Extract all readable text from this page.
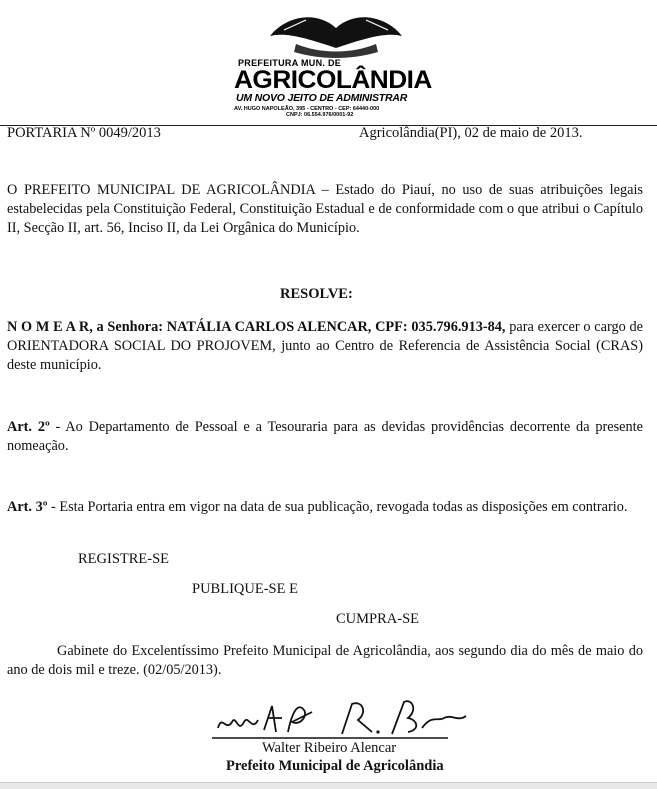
PREFEITURA MUN. DE
AGRICOLÂNDIA
UM NOVO JEITO DE ADMINISTRAR
AV. HUGO NAPOLEÃO, 395 - CENTRO - CEP: 64440-000
CNPJ: 06.554.976/0001-92
PORTARIA Nº 0049/2013	Agricolândia(PI), 02 de maio de 2013.
O PREFEITO MUNICIPAL DE AGRICOLÂNDIA – Estado do Piauí, no uso de suas atribuições legais estabelecidas pela Constituição Federal, Constituição Estadual e de conformidade com o que atribui o Capítulo II, Secção II, art. 56, Inciso II, da Lei Orgânica do Município.
RESOLVE:
N O M E A R, a Senhora: NATÁLIA CARLOS ALENCAR, CPF: 035.796.913-84, para exercer o cargo de ORIENTADORA SOCIAL DO PROJOVEM, junto ao Centro de Referencia de Assistência Social (CRAS) deste município.
Art. 2º - Ao Departamento de Pessoal e a Tesouraria para as devidas providências decorrente da presente nomeação.
Art. 3º - Esta Portaria entra em vigor na data de sua publicação, revogada todas as disposições em contrario.
REGISTRE-SE
PUBLIQUE-SE E
CUMPRA-SE
Gabinete do Excelentíssimo Prefeito Municipal de Agricolândia, aos segundo dia do mês de maio do ano de dois mil e treze. (02/05/2013).
Walter Ribeiro Alencar
Prefeito Municipal de Agricolândia
